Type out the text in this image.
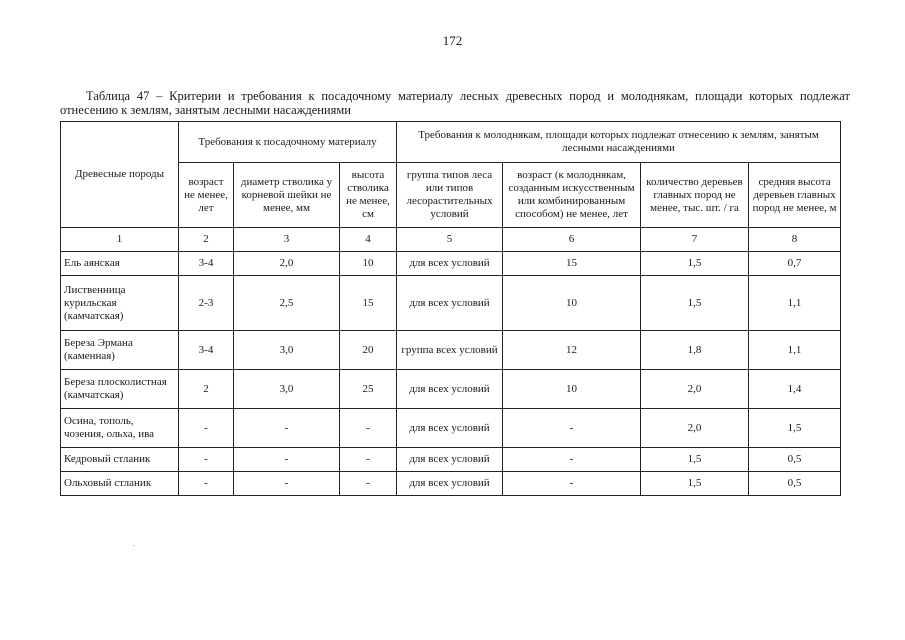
172
Таблица 47 – Критерии и требования к посадочному материалу лесных древесных пород и молоднякам, площади которых подлежат отнесению к землям, занятым лесными насаждениями
Древесные породы	Требования к посадочному материалу			Требования к молоднякам, площади которых подлежат отнесению к землям, занятым лесными насаждениями			
	возраст не менее, лет	диаметр стволика у корневой шейки не менее, мм	высота стволика не менее, см	группа типов леса или типов лесорастительных условий	возраст (к молоднякам, созданным искусственным или комбинированным способом) не менее, лет	количество деревьев главных пород не менее, тыс. шт. / га	средняя высота деревьев главных пород не менее, м
1	2	3	4	5	6	7	8
Ель аянская	3-4	2,0	10	для всех условий	15	1,5	0,7
Лиственница курильская (камчатская)	2-3	2,5	15	для всех условий	10	1,5	1,1
Береза Эрмана (каменная)	3-4	3,0	20	группа всех условий	12	1,8	1,1
Береза плосколистная (камчатская)	2	3,0	25	для всех условий	10	2,0	1,4
Осина, тополь, чозения, ольха, ива	-	-	-	для всех условий	-	2,0	1,5
Кедровый стланик	-	-	-	для всех условий	-	1,5	0,5
Ольховый стланик	-	-	-	для всех условий	-	1,5	0,5
.
